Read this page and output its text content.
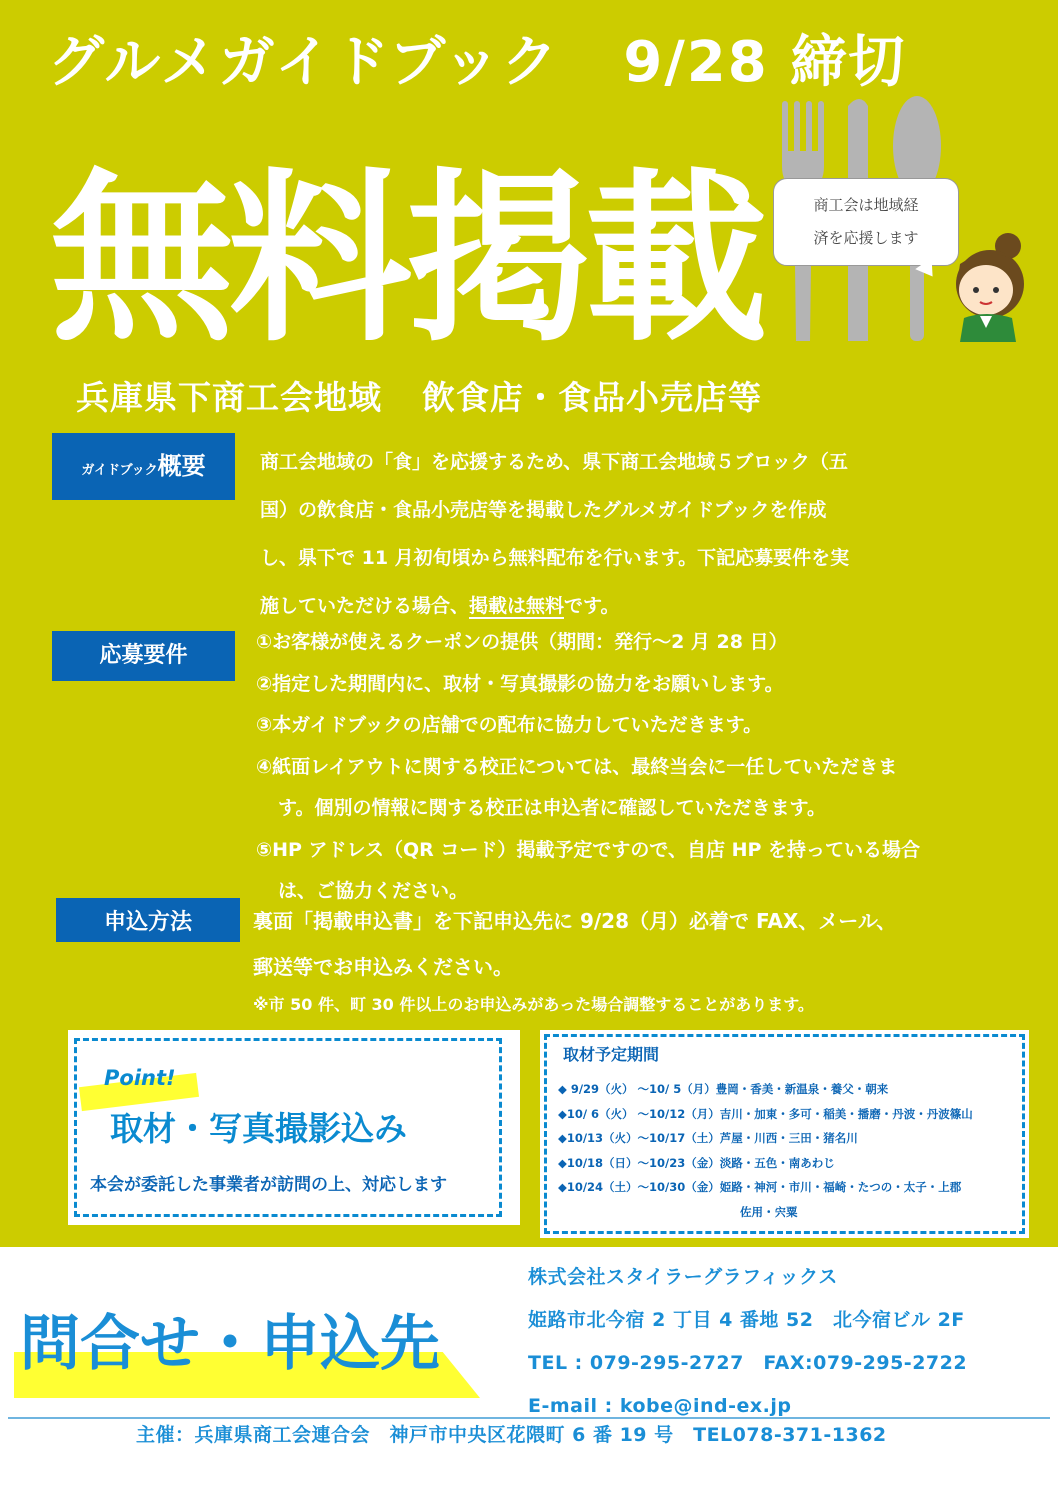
グルメガイドブック 9/28 締切
無料掲載	商工会は地域経
済を応援します
兵庫県下商工会地域 飲食店・食品小売店等
ガイドブック概要	商工会地域の「食」を応援するため、県下商工会地域５ブロック（五
国）の飲食店・食品小売店等を掲載したグルメガイドブックを作成
し、県下で 11 月初旬頃から無料配布を行います。下記応募要件を実
施していただける場合、掲載は無料です。
応募要件
①お客様が使えるクーポンの提供（期間：発行～2 月 28 日）
②指定した期間内に、取材・写真撮影の協力をお願いします。
③本ガイドブックの店舗での配布に協力していただきます。
④紙面レイアウトに関する校正については、最終当会に一任していただきま
す。個別の情報に関する校正は申込者に確認していただきます。
⑤HP アドレス（QR コード）掲載予定ですので、自店 HP を持っている場合
は、ご協力ください。
申込方法	裏面「掲載申込書」を下記申込先に 9/28（月）必着で FAX、メール、
郵送等でお申込みください。
※市 50 件、町 30 件以上のお申込みがあった場合調整することがあります。
Point!
取材・写真撮影込み
本会が委託した事業者が訪問の上、対応します
取材予定期間
◆ 9/29（火） ～10/ 5（月）豊岡・香美・新温泉・養父・朝来
◆10/ 6（火） ～10/12（月）吉川・加東・多可・稲美・播磨・丹波・丹波篠山
◆10/13（火）～10/17（土）芦屋・川西・三田・猪名川
◆10/18（日）～10/23（金）淡路・五色・南あわじ
◆10/24（土）～10/30（金）姫路・神河・市川・福崎・たつの・太子・上郡
佐用・宍粟
問合せ・申込先
株式会社スタイラーグラフィックス
姫路市北今宿 2 丁目 4 番地 52　北今宿ビル 2F
TEL : 079-295-2727　FAX:079-295-2722
E-mail : kobe@ind-ex.jp
主催：兵庫県商工会連合会　神戸市中央区花隈町 6 番 19 号　TEL078-371-1362
